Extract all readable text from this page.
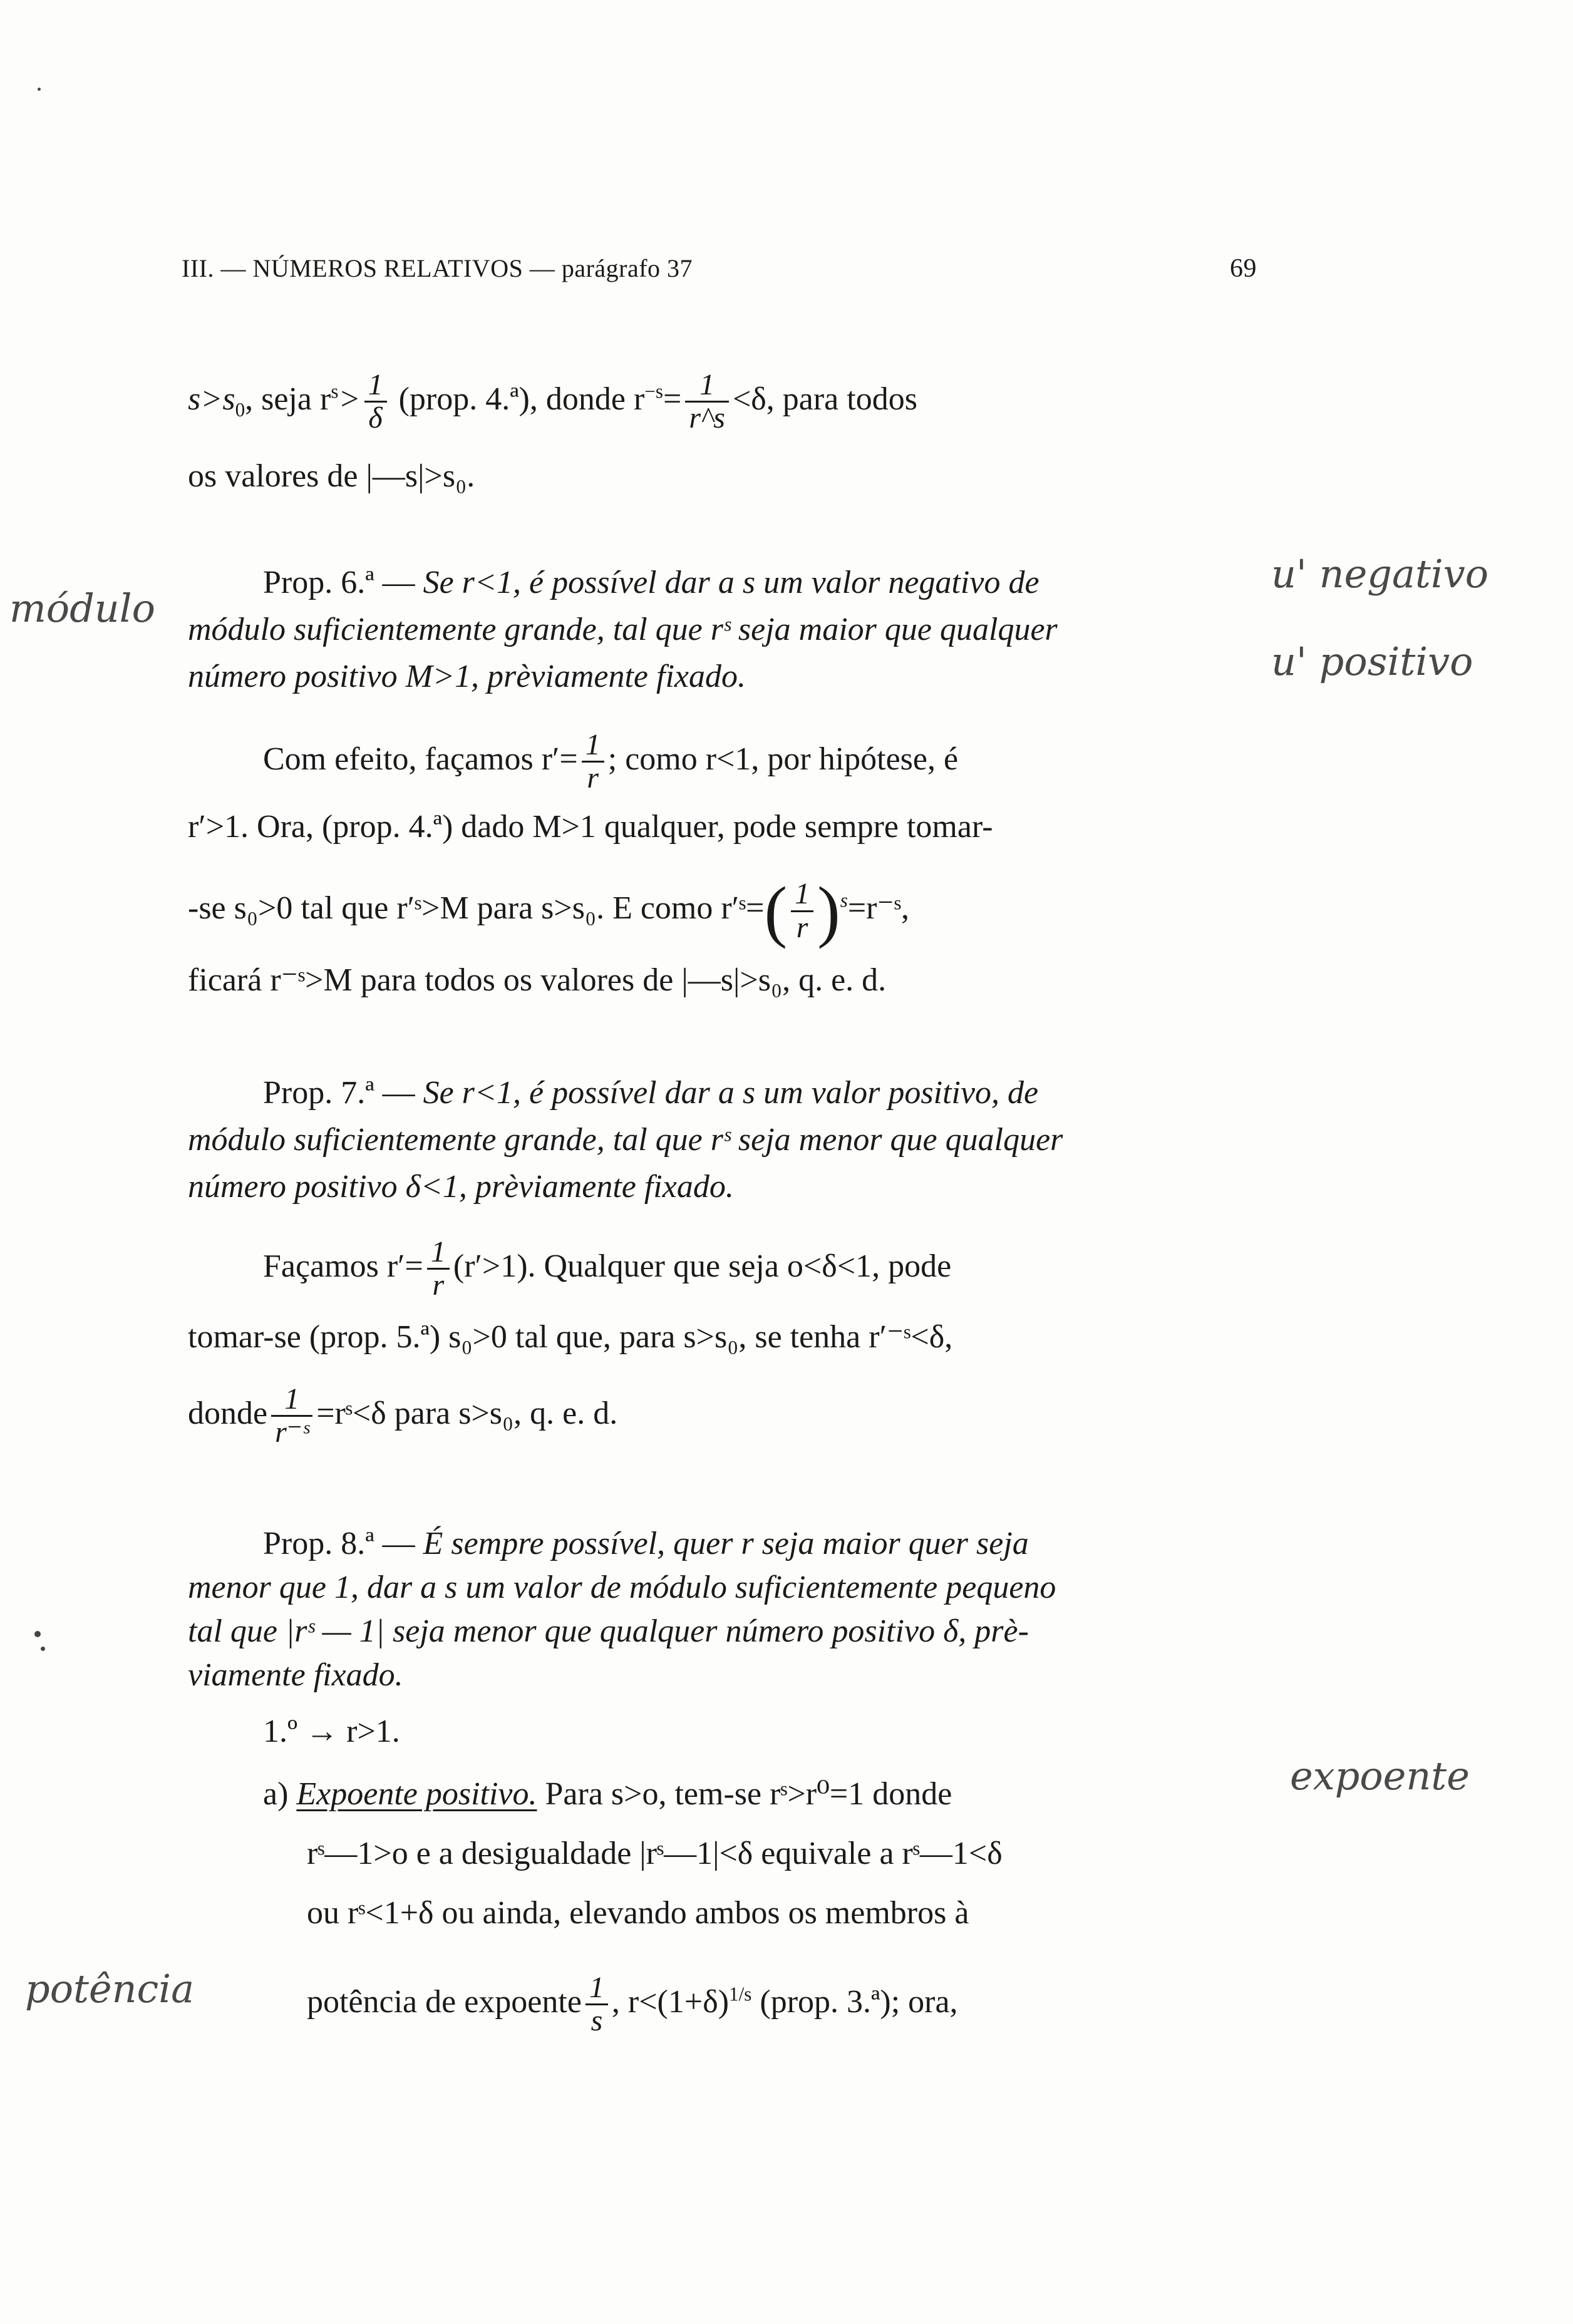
III. — NÚMEROS RELATIVOS — parágrafo 37	69
$s>s_0$, seja $r^s> \frac{1}{\delta}$ (prop. 4.ª), donde $r^{-s}= \frac{1}{r\^{}s} <\delta$, para todos
os valores de |—s|>s₀.
Prop. 6.ª — Se r<1, é possível dar a s um valor negativo de
módulo suficientemente grande, tal que rˢ seja maior que qualquer
número positivo M>1, prèviamente fixado.
Com efeito, façamos $r'= \frac{1}{r}$ ; como r<1, por hipótese, é
r′>1. Ora, (prop. 4.ª) dado M>1 qualquer, pode sempre tomar-
-se s₀>0 tal que r′ˢ>M para s>s₀. E como r′ˢ=( $\frac{1}{r}$ )$^s$=r⁻ˢ,
ficará r⁻ˢ>M para todos os valores de |—s|>s₀, q. e. d.
Prop. 7.ª — Se r<1, é possível dar a s um valor positivo, de
módulo suficientemente grande, tal que rˢ seja menor que qualquer
número positivo δ<1, prèviamente fixado.
Façamos $r'= \frac{1}{r} (r'>1)$. Qualquer que seja o<δ<1, pode
tomar-se (prop. 5.ª) s₀>0 tal que, para s>s₀, se tenha r′⁻ˢ<δ,
donde $\frac{1}{\text{r⁻ˢ}}$ =rˢ<δ para s>s₀, q. e. d.
Prop. 8.ª — É sempre possível, quer r seja maior quer seja
menor que 1, dar a s um valor de módulo suficientemente pequeno
tal que |rˢ — 1| seja menor que qualquer número positivo δ, prè-
viamente fixado.
1.º → r>1.
a) Expoente positivo. Para s>o, tem-se rˢ>r⁰=1 donde
rˢ—1>o e a desigualdade |rˢ—1|<δ equivale a rˢ—1<δ
ou rˢ<1+δ ou ainda, elevando ambos os membros à
potência de expoente $\frac{1}{s}$ , $r<(1+\delta)^{1/s}$ (prop. 3.ª); ora,
módulo
u' negativo
u' positivo
expoente
potência
